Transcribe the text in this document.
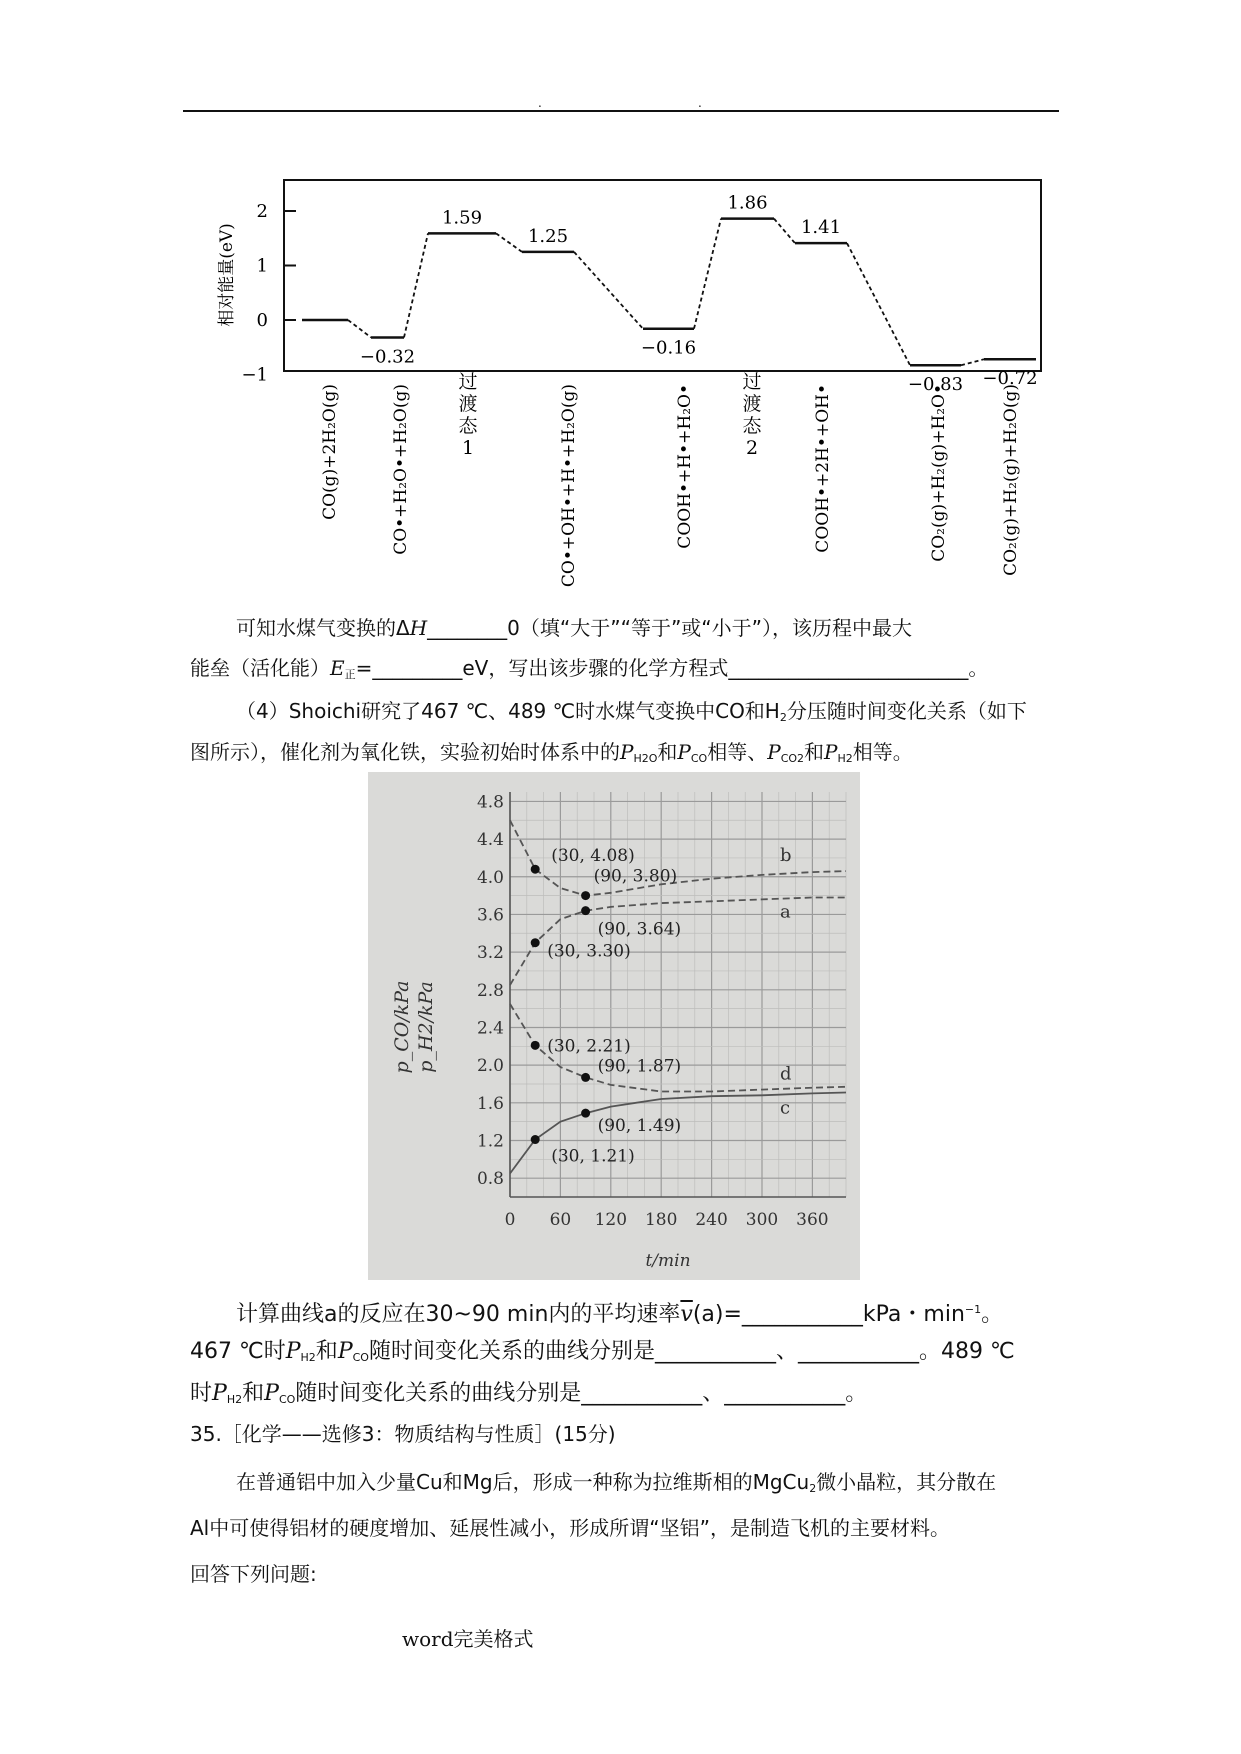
.	.
2
1
0
−1
−0.32
1.59
1.25
−0.16
1.86
1.41
−0.83 −0.72
CO(g)+2H₂O(g)	CO•+H₂O•+H₂O(g)	CO•+OH•+H•+H₂O(g)	COOH•+H•+H₂O•	COOH•+2H•+OH•	CO₂(g)+H₂(g)+H₂O•	CO₂(g)+H₂(g)+H₂O(g)
过
渡
态
1
过
渡
态
2
相对能量(eV)
可知水煤气变换的ΔH________0（填“大于”“等于”或“小于”），该历程中最大
能垒（活化能）$E_正=\_\_\_\_\_\_\_\_\_eV$，写出该步骤的化学方程式________________________。
（4）Shoichi研究了467 ℃、489 ℃时水煤气变换中CO和$H_2$分压随时间变化关系（如下
图所示），催化剂为氧化铁，实验初始时体系中的$P_{H2O}$和$P_{CO}$相等、$P_{CO2}$和$P_{H2}$相等。
4.8
4.4
4.0
3.6
3.2
2.8
2.4
2.0
1.6
1.2
0.8
0 60 120 180 240 300 360
b
a
d
c
(30, 4.08)
(90, 3.80)
(90, 3.64)
(30, 3.30)
(30, 2.21)
(90, 1.87)
(90, 1.49)
(30, 1.21)
t/min
p_CO/kPa p_H2/kPa
计算曲线a的反应在30~90 min内的平均速率$\overline{v}(a)=\_\_\_\_\_\_\_\_\_\_\_kPa$・$\min^{-1}$。
467 ℃时$P_{H2}$和$P_{CO}$随时间变化关系的曲线分别是___________、___________。489 ℃
时$P_{H2}$和$P_{CO}$随时间变化关系的曲线分别是___________、___________。
35.［化学——选修3：物质结构与性质］(15分)
在普通铝中加入少量Cu和Mg后，形成一种称为拉维斯相的MgCu$_2$微小晶粒，其分散在
Al中可使得铝材的硬度增加、延展性减小，形成所谓“坚铝”，是制造飞机的主要材料。
回答下列问题:
word完美格式
